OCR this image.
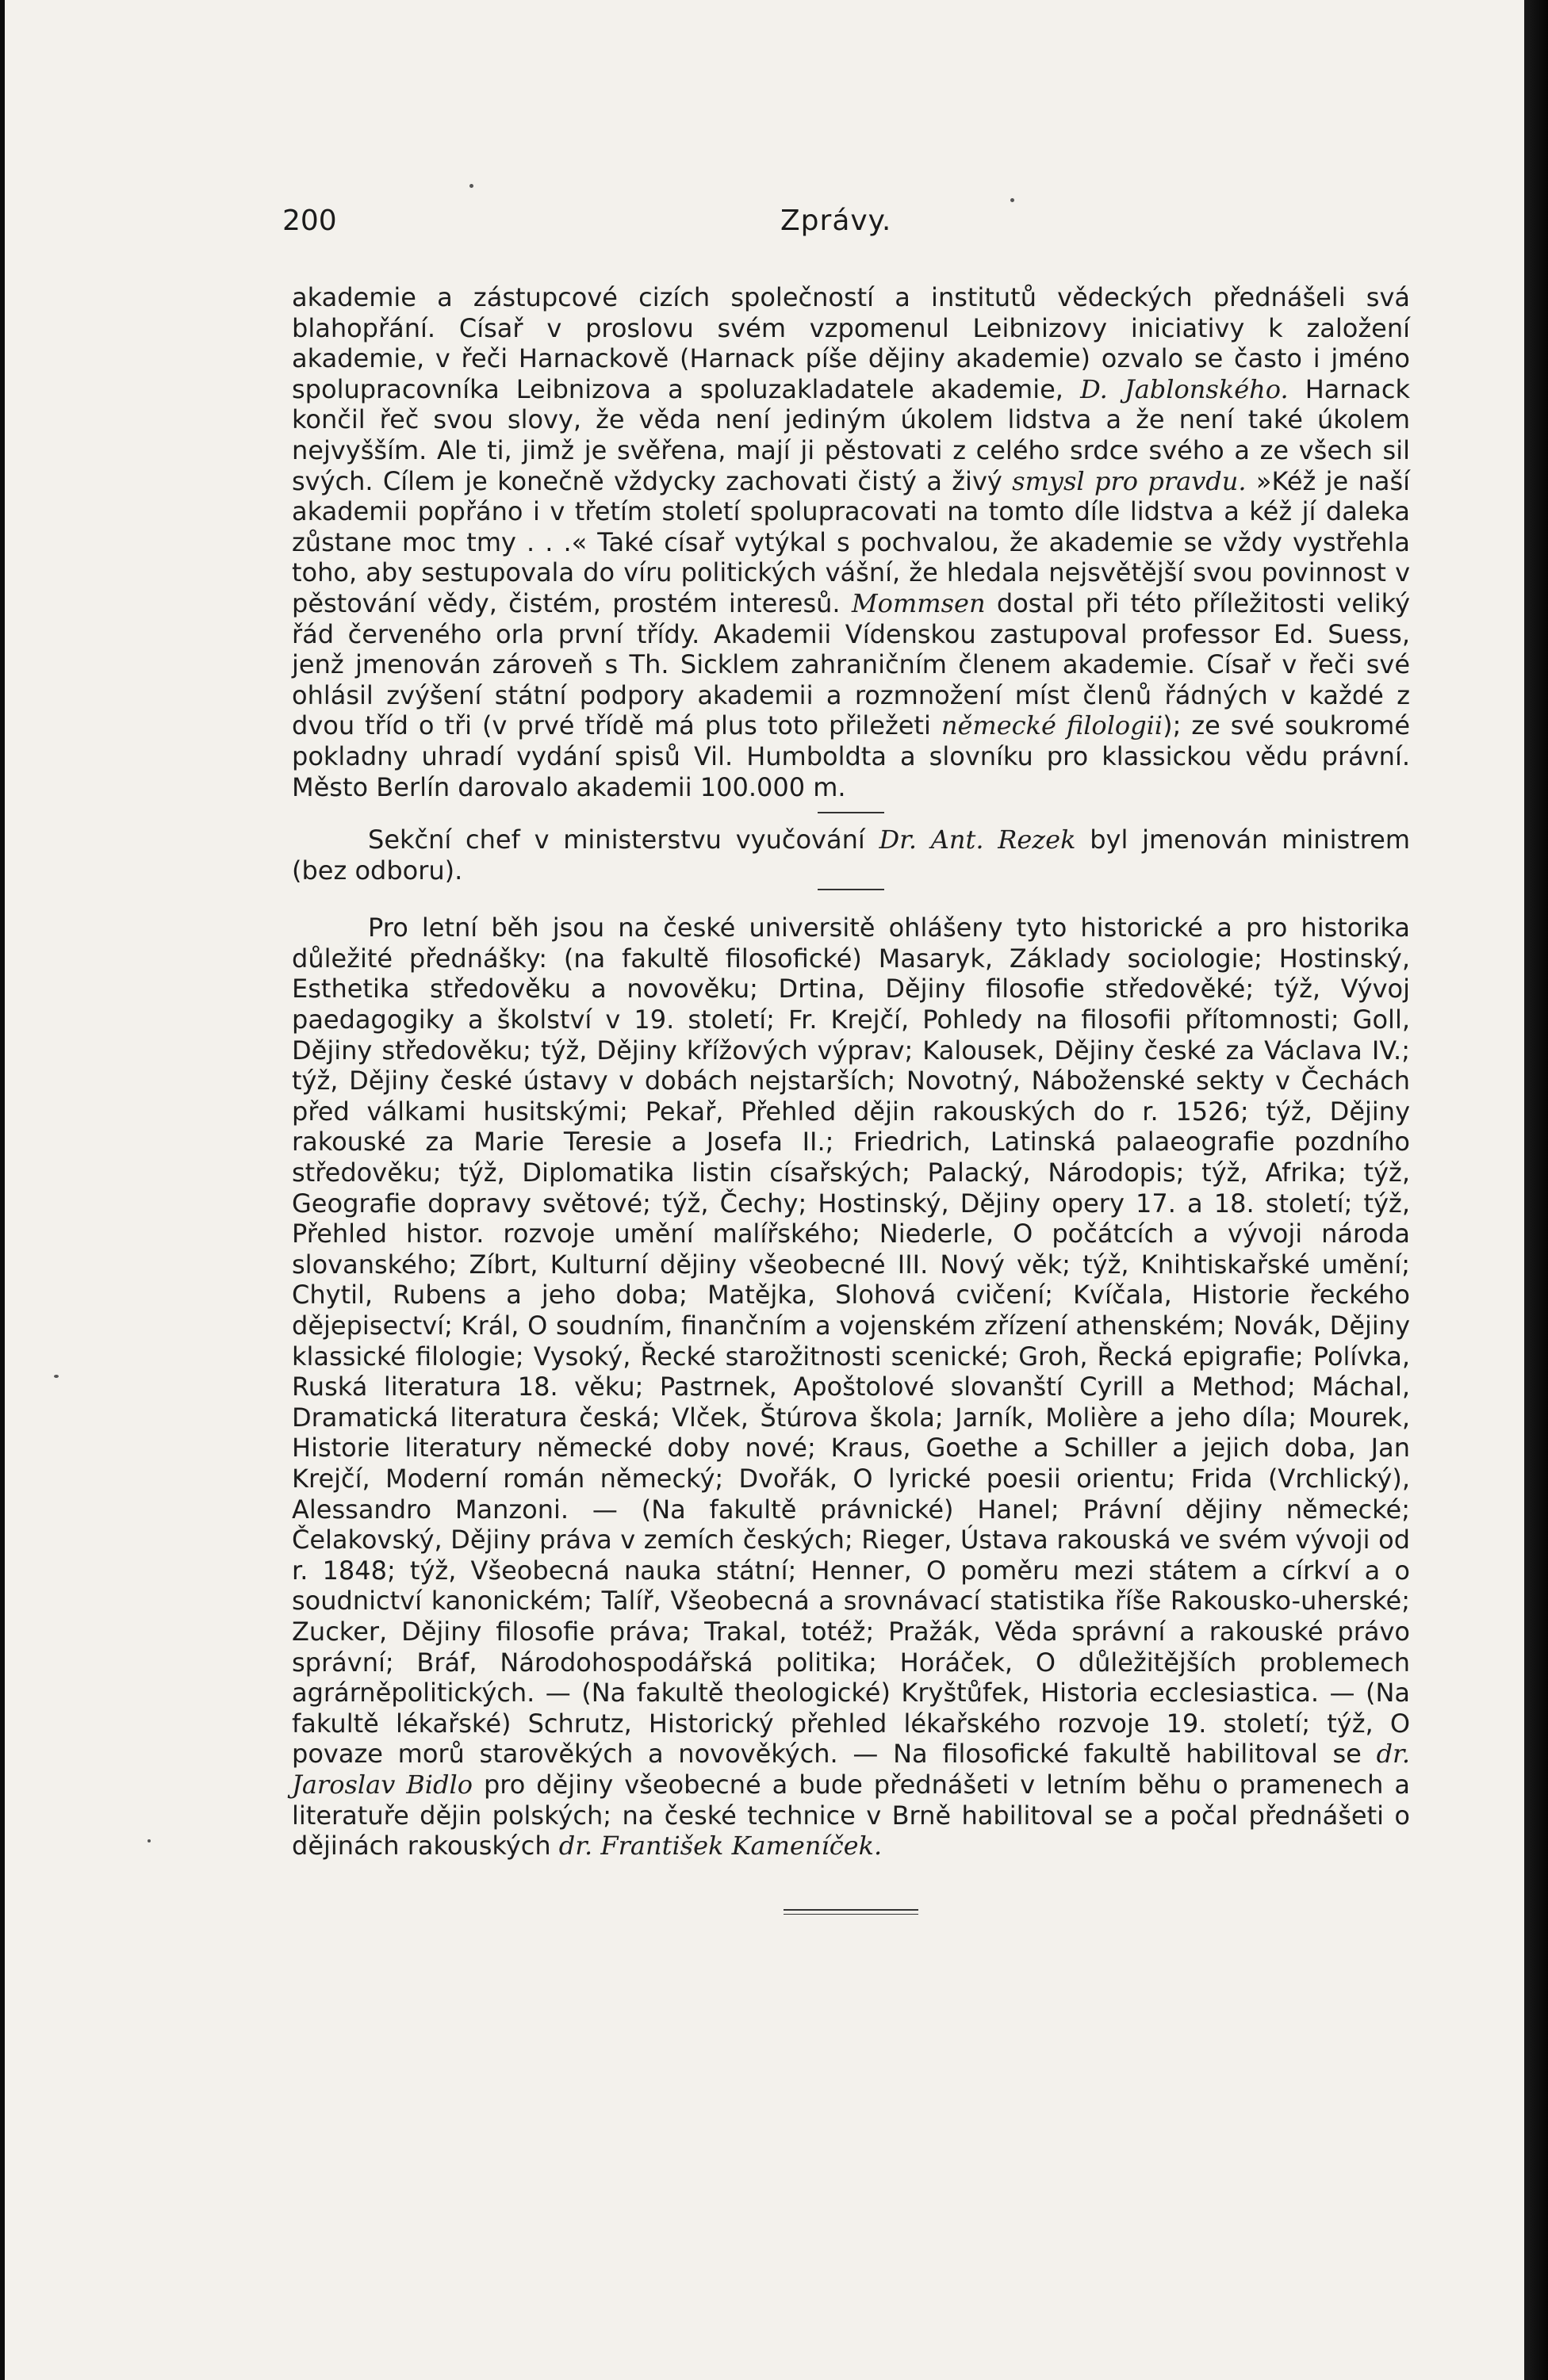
200	Zprávy.

akademie a zástupcové cizích společností a institutů vědeckých přednášeli svá blahopřání. Císař v proslovu svém vzpomenul Leibnizovy iniciativy k založení akademie, v řeči Harnackově (Harnack píše dějiny akademie) ozvalo se často i jméno spolupracovníka Leibnizova a spoluzakladatele akademie, D. Jablonského. Harnack končil řeč svou slovy, že věda není jediným úkolem lidstva a že není také úkolem nejvyšším. Ale ti, jimž je svěřena, mají ji pěstovati z celého srdce svého a ze všech sil svých. Cílem je konečně vždycky zachovati čistý a živý smysl pro pravdu. »Kéž je naší akademii popřáno i v třetím století spolupracovati na tomto díle lidstva a kéž jí daleka zůstane moc tmy . . .« Také císař vytýkal s pochvalou, že akademie se vždy vystřehla toho, aby sestupovala do víru politických vášní, že hledala nejsvětější svou povinnost v pěstování vědy, čistém, prostém interesů. Mommsen dostal při této příležitosti veliký řád červeného orla první třídy. Akademii Vídenskou zastupoval professor Ed. Suess, jenž jmenován zároveň s Th. Sicklem zahraničním členem akademie. Císař v řeči své ohlásil zvýšení státní podpory akademii a rozmnožení míst členů řádných v každé z dvou tříd o tři (v prvé třídě má plus toto přiležeti německé filologii); ze své soukromé pokladny uhradí vydání spisů Vil. Humboldta a slovníku pro klassickou vědu právní. Město Berlín darovalo akademii 100.000 m.

Sekční chef v ministerstvu vyučování Dr. Ant. Rezek byl jmenován ministrem (bez odboru).

Pro letní běh jsou na české universitě ohlášeny tyto historické a pro historika důležité přednášky: (na fakultě filosofické) Masaryk, Základy sociologie; Hostinský, Esthetika středověku a novověku; Drtina, Dějiny filosofie středověké; týž, Vývoj paedagogiky a školství v 19. století; Fr. Krejčí, Pohledy na filosofii přítomnosti; Goll, Dějiny středověku; týž, Dějiny křížových výprav; Kalousek, Dějiny české za Václava IV.; týž, Dějiny české ústavy v dobách nejstarších; Novotný, Náboženské sekty v Čechách před válkami husitskými; Pekař, Přehled dějin rakouských do r. 1526; týž, Dějiny rakouské za Marie Teresie a Josefa II.; Friedrich, Latinská palaeografie pozdního středověku; týž, Diplomatika listin císařských; Palacký, Národopis; týž, Afrika; týž, Geografie dopravy světové; týž, Čechy; Hostinský, Dějiny opery 17. a 18. století; týž, Přehled histor. rozvoje umění malířského; Niederle, O počátcích a vývoji národa slovanského; Zíbrt, Kulturní dějiny všeobecné III. Nový věk; týž, Knihtiskařské umění; Chytil, Rubens a jeho doba; Matějka, Slohová cvičení; Kvíčala, Historie řeckého dějepisectví; Král, O soudním, finančním a vojenském zřízení athenském; Novák, Dějiny klassické filologie; Vysoký, Řecké starožitnosti scenické; Groh, Řecká epigrafie; Polívka, Ruská literatura 18. věku; Pastrnek, Apoštolové slovanští Cyrill a Method; Máchal, Dramatická literatura česká; Vlček, Štúrova škola; Jarník, Molière a jeho díla; Mourek, Historie literatury německé doby nové; Kraus, Goethe a Schiller a jejich doba, Jan Krejčí, Moderní román německý; Dvořák, O lyrické poesii orientu; Frida (Vrchlický), Alessandro Manzoni. — (Na fakultě právnické) Hanel; Právní dějiny německé; Čelakovský, Dějiny práva v zemích českých; Rieger, Ústava rakouská ve svém vývoji od r. 1848; týž, Všeobecná nauka státní; Henner, O poměru mezi státem a církví a o soudnictví kanonickém; Talíř, Všeobecná a srovnávací statistika říše Rakousko-uherské; Zucker, Dějiny filosofie práva; Trakal, totéž; Pražák, Věda správní a rakouské právo správní; Bráf, Národohospodářská politika; Horáček, O důležitějších problemech agrárněpolitických. — (Na fakultě theologické) Kryštůfek, Historia ecclesiastica. — (Na fakultě lékařské) Schrutz, Historický přehled lékařského rozvoje 19. století; týž, O povaze morů starověkých a novověkých. — Na filosofické fakultě habilitoval se dr. Jaroslav Bidlo pro dějiny všeobecné a bude přednášeti v letním běhu o pramenech a literatuře dějin polských; na české technice v Brně habilitoval se a počal přednášeti o dějinách rakouských dr. František Kameníček.
